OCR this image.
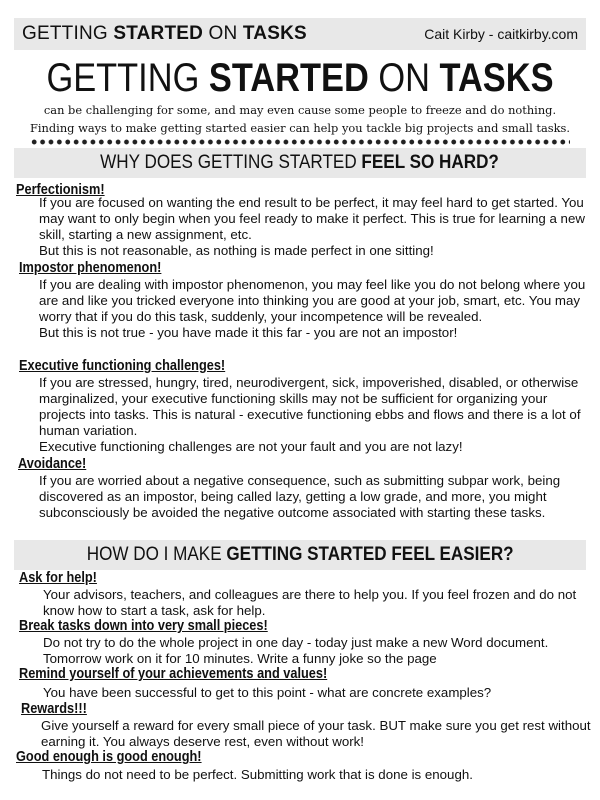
GETTING STARTED ON TASKS	Cait Kirby - caitkirby.com
GETTING STARTED ON TASKS
can be challenging for some, and may even cause some people to freeze and do nothing.
Finding ways to make getting started easier can help you tackle big projects and small tasks.
WHY DOES GETTING STARTED FEEL SO HARD?
Perfectionism!

If you are focused on wanting the end result to be perfect, it may feel hard to get started. You may want to only begin when you feel ready to make it perfect. This is true for learning a new skill, starting a new assignment, etc.

But this is not reasonable, as nothing is made perfect in one sitting!

Impostor phenomenon!

If you are dealing with impostor phenomenon, you may feel like you do not belong where you are and like you tricked everyone into thinking you are good at your job, smart, etc. You may worry that if you do this task, suddenly, your incompetence will be revealed.

But this is not true - you have made it this far - you are not an impostor!

Executive functioning challenges!

If you are stressed, hungry, tired, neurodivergent, sick, impoverished, disabled, or otherwise marginalized, your executive functioning skills may not be sufficient for organizing your projects into tasks. This is natural - executive functioning ebbs and flows and there is a lot of human variation.

Executive functioning challenges are not your fault and you are not lazy!

Avoidance!

If you are worried about a negative consequence, such as submitting subpar work, being discovered as an impostor, being called lazy, getting a low grade, and more, you might subconsciously be avoided the negative outcome associated with starting these tasks.

HOW DO I MAKE GETTING STARTED FEEL EASIER?
Ask for help!

Your advisors, teachers, and colleagues are there to help you. If you feel frozen and do not know how to start a task, ask for help.

Break tasks down into very small pieces!

Do not try to do the whole project in one day - today just make a new Word document. Tomorrow work on it for 10 minutes. Write a funny joke so the page

Remind yourself of your achievements and values!

You have been successful to get to this point - what are concrete examples?

Rewards!!!

Give yourself a reward for every small piece of your task. BUT make sure you get rest without earning it. You always deserve rest, even without work!

Good enough is good enough!

Things do not need to be perfect. Submitting work that is done is enough.
